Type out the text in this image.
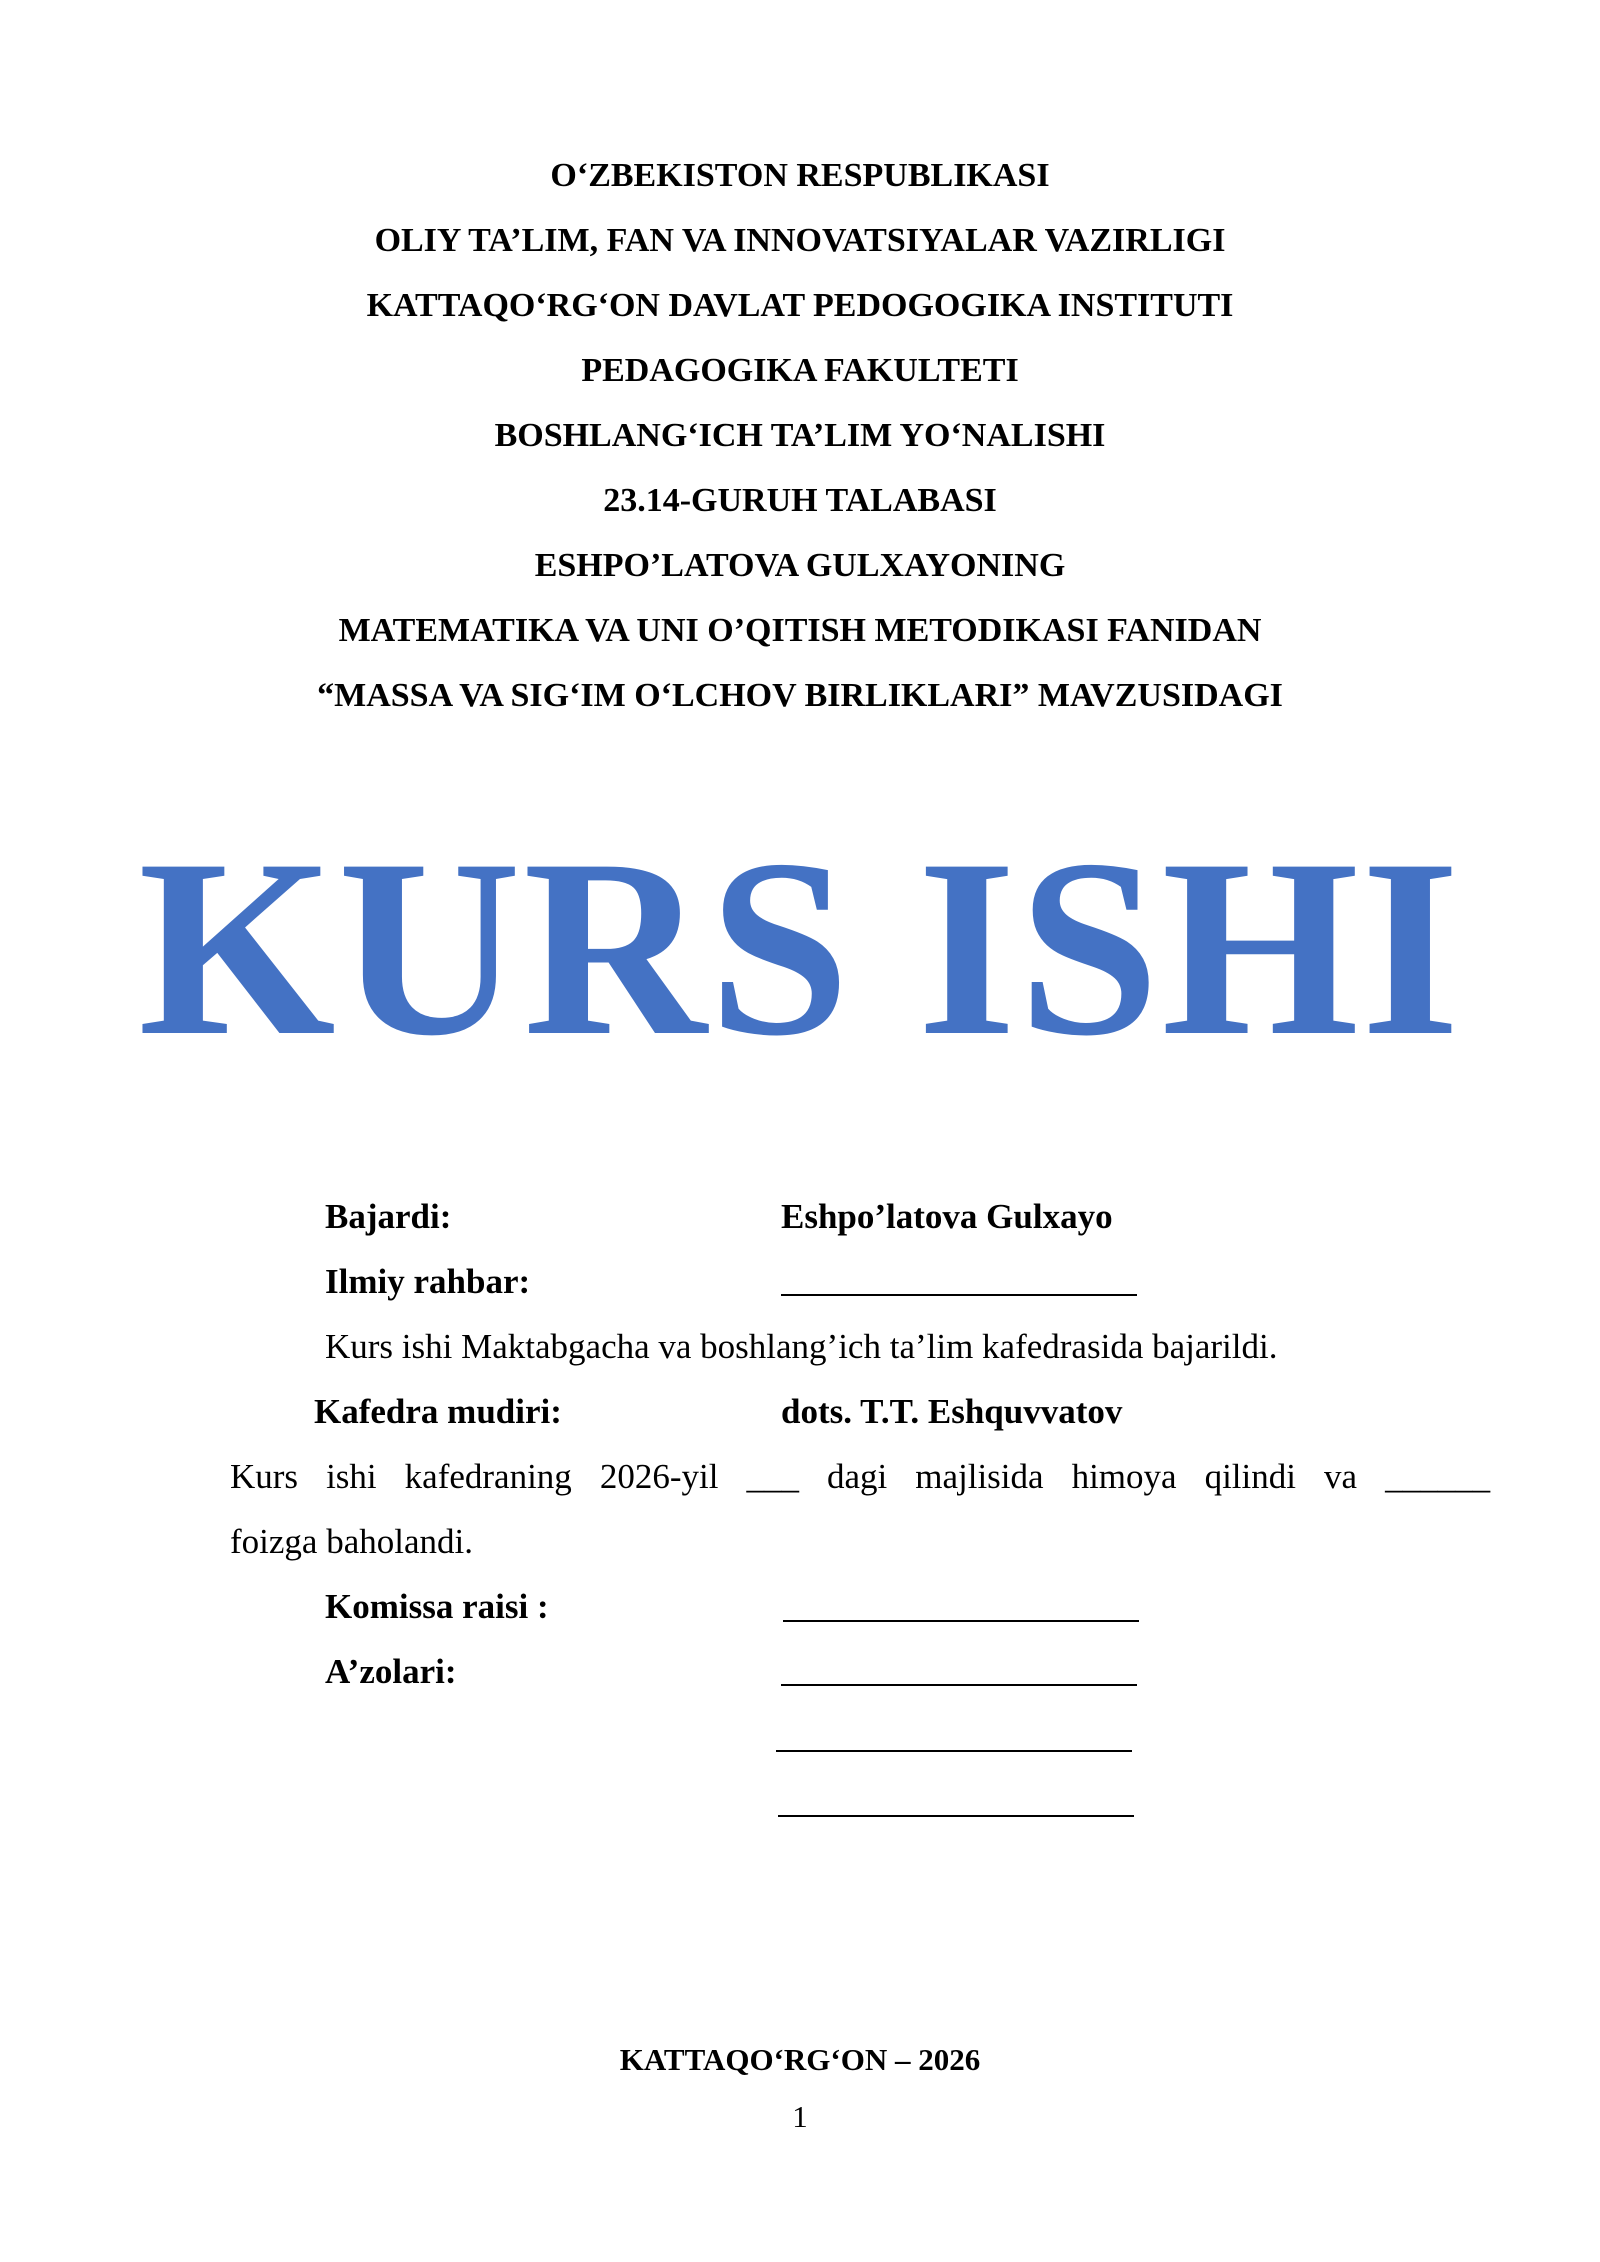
O‘ZBEKISTON RESPUBLIKASI
OLIY TA’LIM, FAN VA INNOVATSIYALAR VAZIRLIGI
KATTAQO‘RG‘ON DAVLAT PEDOGOGIKA INSTITUTI
PEDAGOGIKA FAKULTETI
BOSHLANG‘ICH TA’LIM YO‘NALISHI
23.14-GURUH TALABASI
ESHPO’LATOVA GULXAYONING
MATEMATIKA VA UNI O’QITISH METODIKASI FANIDAN
“MASSA VA SIG‘IM O‘LCHOV BIRLIKLARI” MAVZUSIDAGI
KURS ISHI
Bajardi:	Eshpo’latova Gulxayo
Ilmiy rahbar:
Kurs ishi Maktabgacha va boshlang’ich ta’lim kafedrasida bajarildi.
Kafedra mudiri:	dots. T.T. Eshquvvatov
Kurs ishi kafedraning 2026-yil ___ dagi majlisida himoya qilindi va ______
foizga baholandi.
Komissa raisi :
A’zolari:
KATTAQO‘RG‘ON – 2026
1
